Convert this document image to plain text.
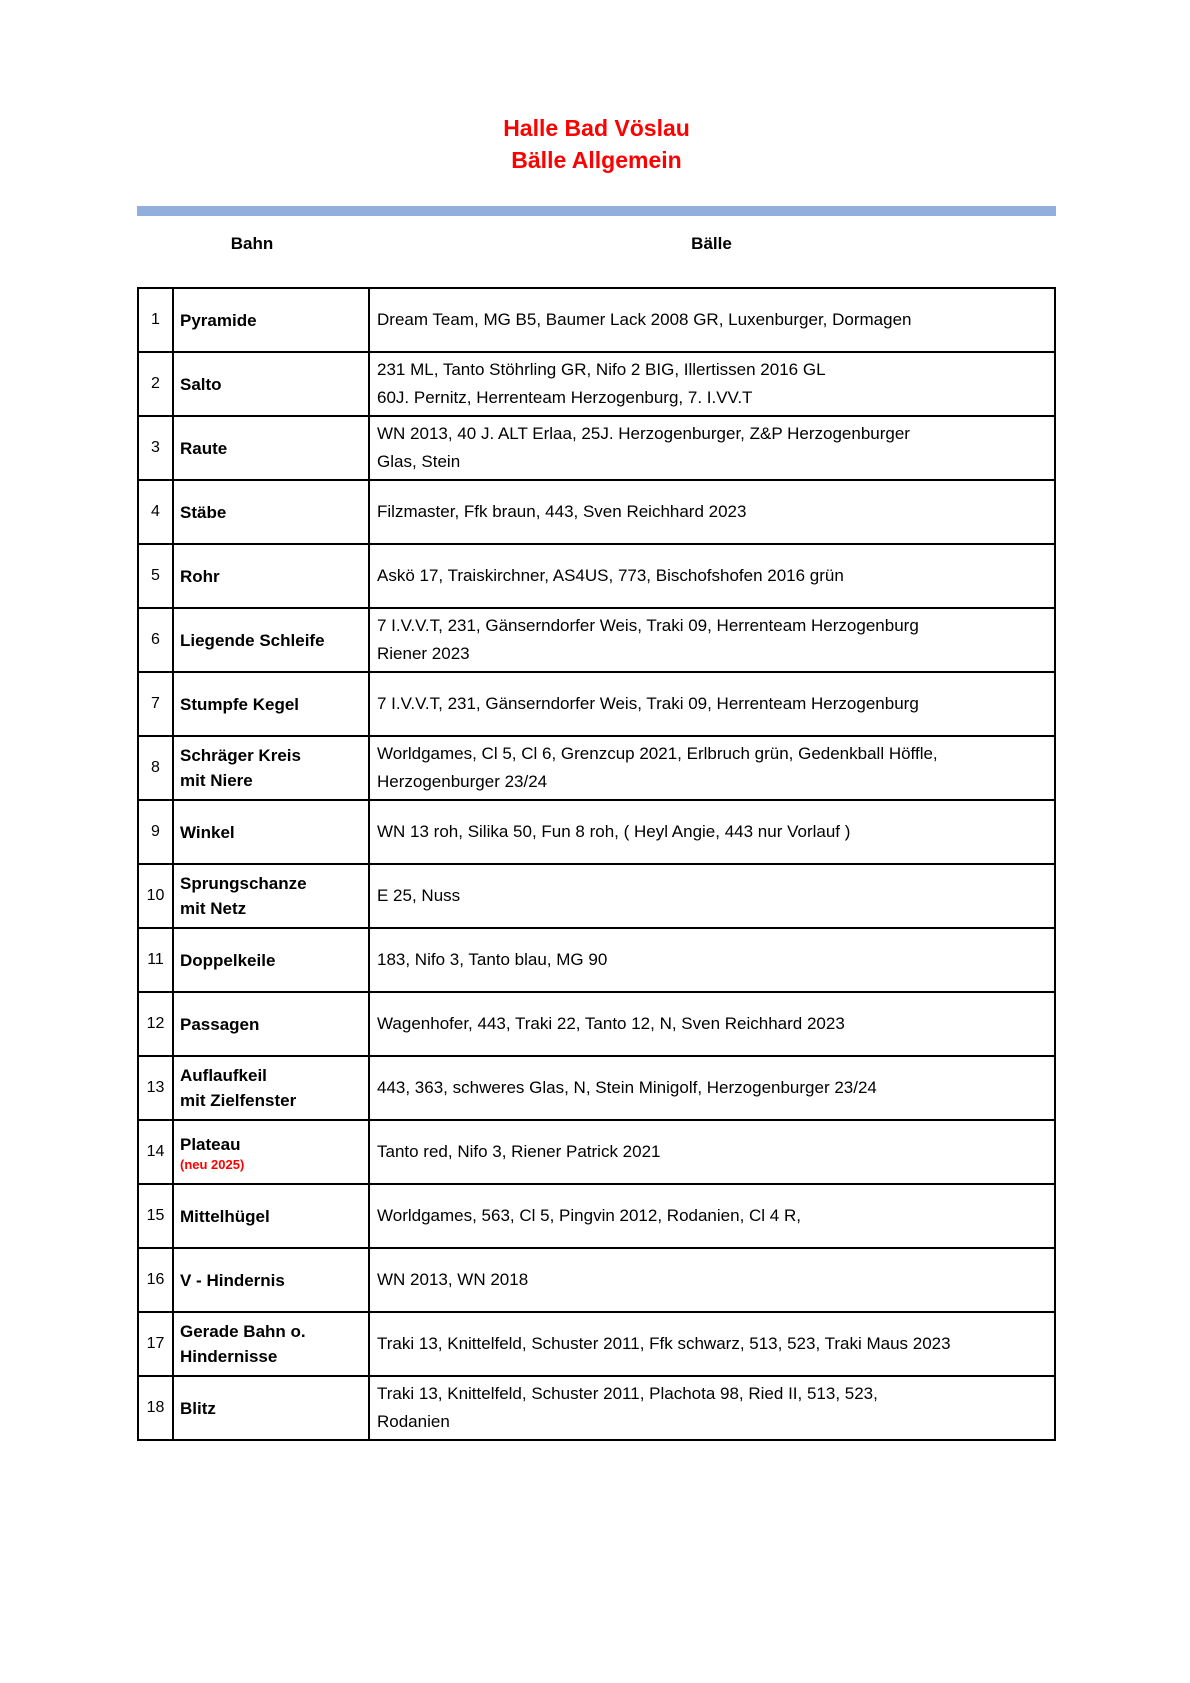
Halle Bad Vöslau
Bälle Allgemein
Bahn	Bälle
1	Pyramide	Dream Team, MG B5, Baumer Lack 2008 GR, Luxenburger, Dormagen
2	Salto	231 ML, Tanto Stöhrling GR, Nifo 2 BIG, Illertissen 2016 GL
60J. Pernitz, Herrenteam Herzogenburg, 7. I.VV.T
3	Raute	WN 2013, 40 J. ALT Erlaa, 25J. Herzogenburger, Z&P Herzogenburger
Glas, Stein
4	Stäbe	Filzmaster, Ffk braun, 443, Sven Reichhard 2023
5	Rohr	Askö 17, Traiskirchner, AS4US, 773, Bischofshofen 2016 grün
6	Liegende Schleife	7 I.V.V.T, 231, Gänserndorfer Weis, Traki 09, Herrenteam Herzogenburg
Riener 2023
7	Stumpfe Kegel	7 I.V.V.T, 231, Gänserndorfer Weis, Traki 09, Herrenteam Herzogenburg
8	Schräger Kreis
mit Niere	Worldgames, Cl 5, Cl 6, Grenzcup 2021, Erlbruch grün, Gedenkball Höffle,
Herzogenburger 23/24
9	Winkel	WN 13 roh, Silika 50, Fun 8 roh, ( Heyl Angie, 443 nur Vorlauf )
10	Sprungschanze
mit Netz	E 25, Nuss
11	Doppelkeile	183, Nifo 3, Tanto blau, MG 90
12	Passagen	Wagenhofer, 443, Traki 22, Tanto 12, N, Sven Reichhard 2023
13	Auflaufkeil
mit Zielfenster	443, 363, schweres Glas, N, Stein Minigolf, Herzogenburger 23/24
14	Plateau
(neu 2025)	Tanto red, Nifo 3, Riener Patrick 2021
15	Mittelhügel	Worldgames, 563, Cl 5, Pingvin 2012, Rodanien, Cl 4 R,
16	V - Hindernis	WN 2013, WN 2018
17	Gerade Bahn o.
Hindernisse	Traki 13, Knittelfeld, Schuster 2011, Ffk schwarz, 513, 523, Traki Maus 2023
18	Blitz	Traki 13, Knittelfeld, Schuster 2011, Plachota 98, Ried II, 513, 523,
Rodanien
